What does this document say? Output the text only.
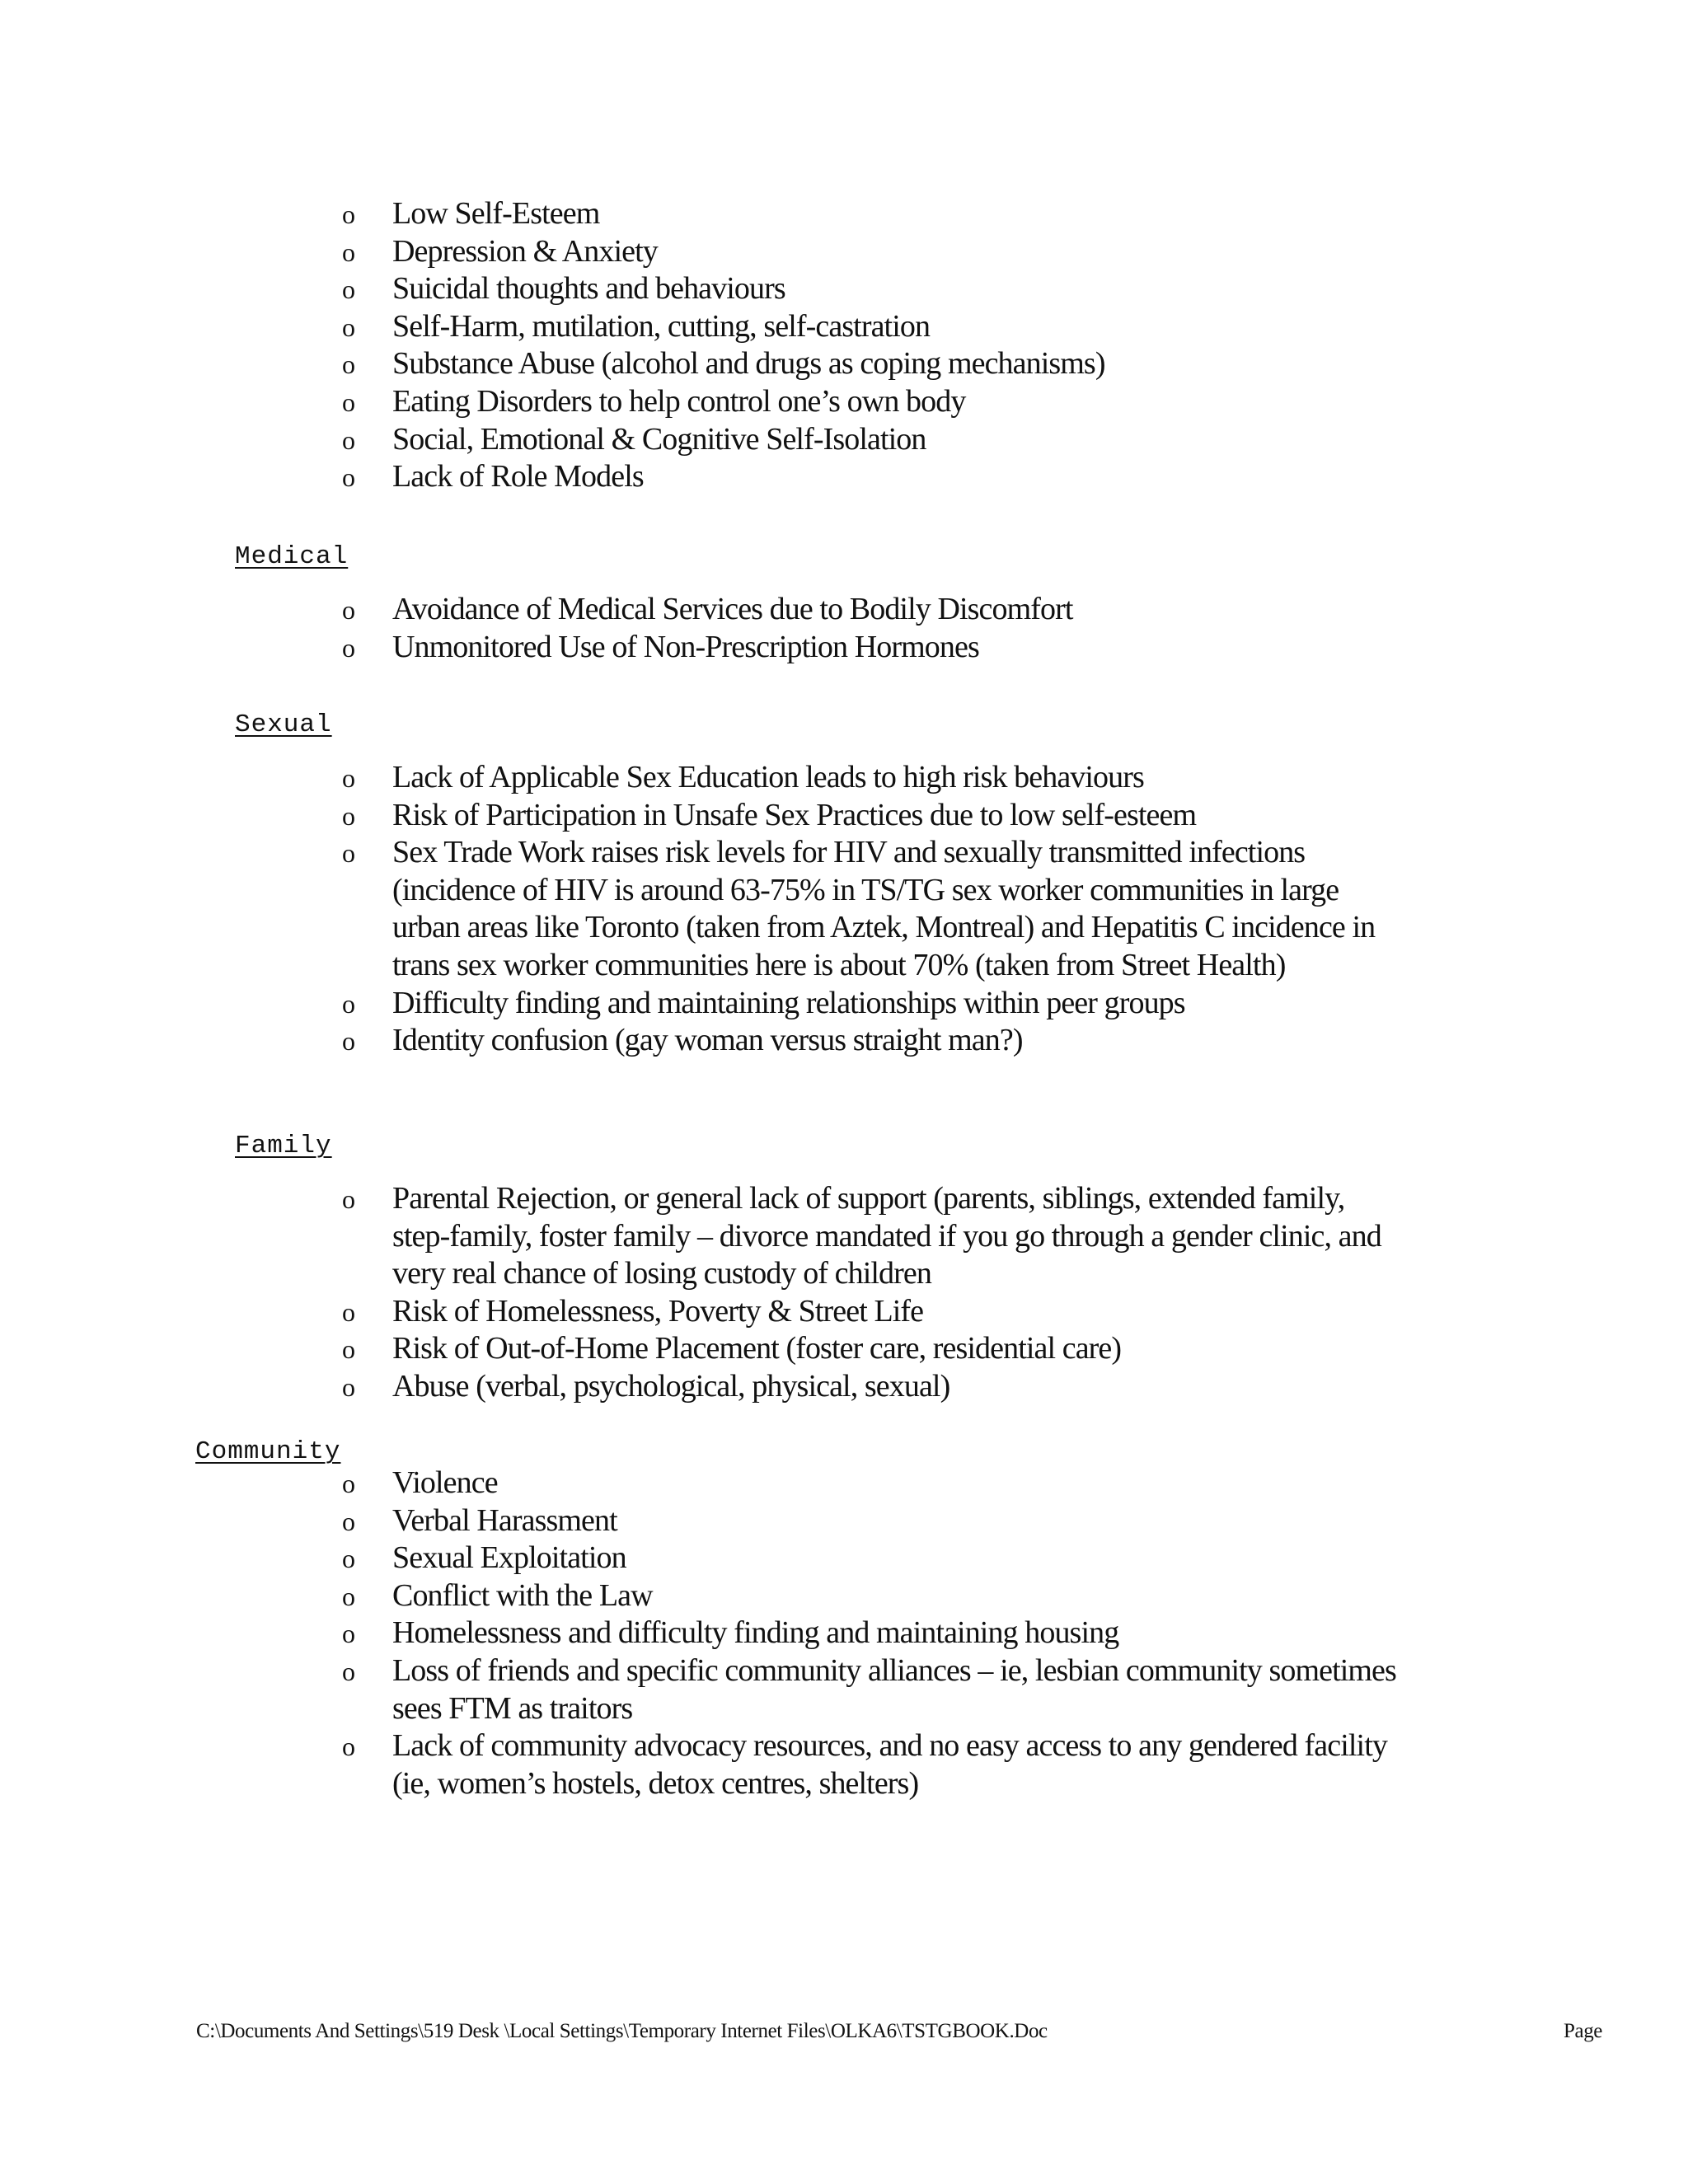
o Low Self-Esteem
o Depression & Anxiety
o Suicidal thoughts and behaviours
o Self-Harm, mutilation, cutting, self-castration
o Substance Abuse (alcohol and drugs as coping mechanisms)
o Eating Disorders to help control one’s own body
o Social, Emotional & Cognitive Self-Isolation
o Lack of Role Models
Medical
o Avoidance of Medical Services due to Bodily Discomfort
o Unmonitored Use of Non-Prescription Hormones
Sexual
o Lack of Applicable Sex Education leads to high risk behaviours
o Risk of Participation in Unsafe Sex Practices due to low self-esteem
o Sex Trade Work raises risk levels for HIV and sexually transmitted infections (incidence of HIV is around 63-75% in TS/TG sex worker communities in large urban areas like Toronto (taken from Aztek, Montreal) and Hepatitis C incidence in trans sex worker communities here is about 70% (taken from Street Health)
o Difficulty finding and maintaining relationships within peer groups
o Identity confusion (gay woman versus straight man?)
Family
o Parental Rejection, or general lack of support (parents, siblings, extended family, step-family, foster family – divorce mandated if you go through a gender clinic, and very real chance of losing custody of children
o Risk of Homelessness, Poverty & Street Life
o Risk of Out-of-Home Placement (foster care, residential care)
o Abuse (verbal, psychological, physical, sexual)
Community
o Violence
o Verbal Harassment
o Sexual Exploitation
o Conflict with the Law
o Homelessness and difficulty finding and maintaining housing
o Loss of friends and specific community alliances – ie, lesbian community sometimes sees FTM as traitors
o Lack of community advocacy resources, and no easy access to any gendered facility (ie, women’s hostels, detox centres, shelters)
C:\Documents And Settings\519 Desk \Local Settings\Temporary Internet Files\OLKA6\TSTGBOOK.Doc	Page
